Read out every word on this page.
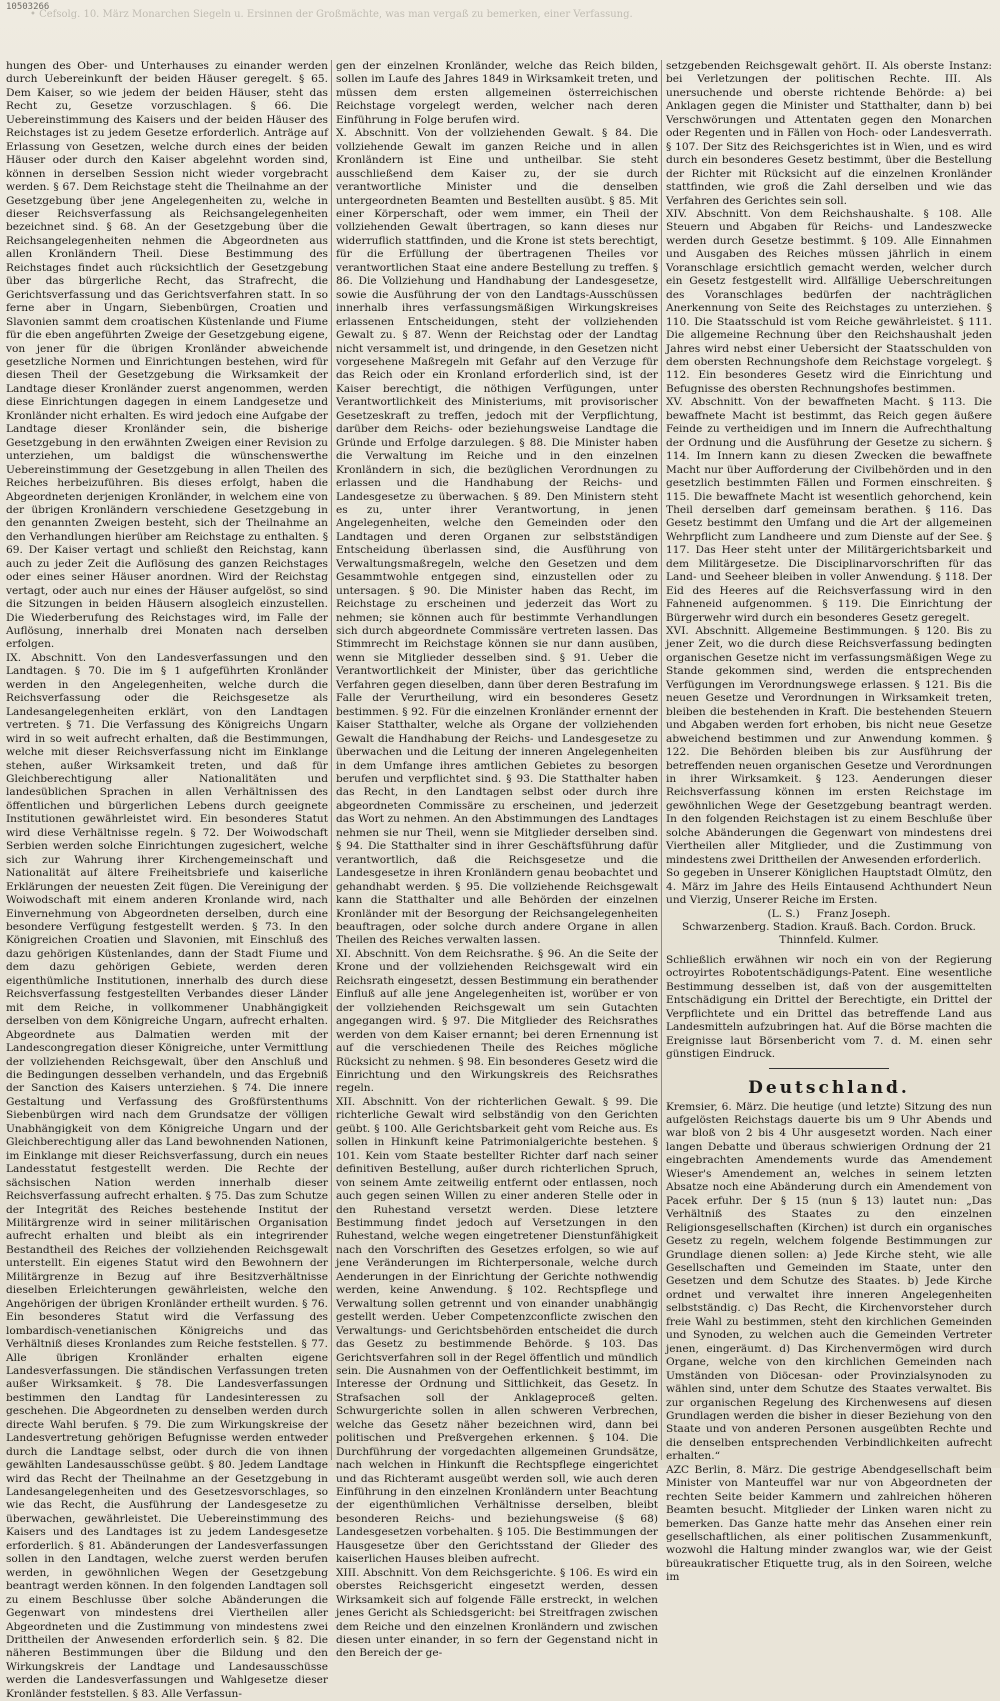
10503266
• Cefsolg. 10. März Monarchen Siegeln u. Ersinnen der Großmächte, was man vergaß zu bemerken, einer Verfassung.

hungen des Ober- und Unterhauses zu einander werden durch Uebereinkunft der beiden Häuser geregelt. § 65. Dem Kaiser, so wie jedem der beiden Häuser, steht das Recht zu, Gesetze vorzuschlagen. § 66. Die Uebereinstimmung des Kaisers und der beiden Häuser des Reichstages ist zu jedem Gesetze erforderlich. Anträge auf Erlassung von Gesetzen, welche durch eines der beiden Häuser oder durch den Kaiser abgelehnt worden sind, können in derselben Session nicht wieder vorgebracht werden. § 67. Dem Reichstage steht die Theilnahme an der Gesetzgebung über jene Angelegenheiten zu, welche in dieser Reichsverfassung als Reichsangelegenheiten bezeichnet sind. § 68. An der Gesetzgebung über die Reichsangelegenheiten nehmen die Abgeordneten aus allen Kronländern Theil. Diese Bestimmung des Reichstages findet auch rücksichtlich der Gesetzgebung über das bürgerliche Recht, das Strafrecht, die Gerichtsverfassung und das Gerichtsverfahren statt. In so ferne aber in Ungarn, Siebenbürgen, Croatien und Slavonien sammt dem croatischen Küstenlande und Fiume für die eben angeführten Zweige der Gesetzgebung eigene, von jener für die übrigen Kronländer abweichende gesetzliche Normen und Einrichtungen bestehen, wird für diesen Theil der Gesetzgebung die Wirksamkeit der Landtage dieser Kronländer zuerst angenommen, werden diese Einrichtungen dagegen in einem Landgesetze und Kronländer nicht erhalten. Es wird jedoch eine Aufgabe der Landtage dieser Kronländer sein, die bisherige Gesetzgebung in den erwähnten Zweigen einer Revision zu unterziehen, um baldigst die wünschenswerthe Uebereinstimmung der Gesetzgebung in allen Theilen des Reiches herbeizuführen. Bis dieses erfolgt, haben die Abgeordneten derjenigen Kronländer, in welchem eine von der übrigen Kronländern verschiedene Gesetzgebung in den genannten Zweigen besteht, sich der Theilnahme an den Verhandlungen hierüber am Reichstage zu enthalten. § 69. Der Kaiser vertagt und schließt den Reichstag, kann auch zu jeder Zeit die Auflösung des ganzen Reichstages oder eines seiner Häuser anordnen. Wird der Reichstag vertagt, oder auch nur eines der Häuser aufgelöst, so sind die Sitzungen in beiden Häusern alsogleich einzustellen. Die Wiederberufung des Reichstages wird, im Falle der Auflösung, innerhalb drei Monaten nach derselben erfolgen.

IX. Abschnitt. Von den Landesverfassungen und den Landtagen. § 70. Die im § 1 aufgeführten Kronländer werden in den Angelegenheiten, welche durch die Reichsverfassung oder die Reichsgesetze als Landesangelegenheiten erklärt, von den Landtagen vertreten. § 71. Die Verfassung des Königreichs Ungarn wird in so weit aufrecht erhalten, daß die Bestimmungen, welche mit dieser Reichsverfassung nicht im Einklange stehen, außer Wirksamkeit treten, und daß für Gleichberechtigung aller Nationalitäten und landesüblichen Sprachen in allen Verhältnissen des öffentlichen und bürgerlichen Lebens durch geeignete Institutionen gewährleistet wird. Ein besonderes Statut wird diese Verhältnisse regeln. § 72. Der Woiwodschaft Serbien werden solche Einrichtungen zugesichert, welche sich zur Wahrung ihrer Kirchengemeinschaft und Nationalität auf ältere Freiheitsbriefe und kaiserliche Erklärungen der neuesten Zeit fügen. Die Vereinigung der Woiwodschaft mit einem anderen Kronlande wird, nach Einvernehmung von Abgeordneten derselben, durch eine besondere Verfügung festgestellt werden. § 73. In den Königreichen Croatien und Slavonien, mit Einschluß des dazu gehörigen Küstenlandes, dann der Stadt Fiume und dem dazu gehörigen Gebiete, werden deren eigenthümliche Institutionen, innerhalb des durch diese Reichsverfassung festgestellten Verbandes dieser Länder mit dem Reiche, in vollkommener Unabhängigkeit derselben von dem Königreiche Ungarn, aufrecht erhalten. Abgeordnete aus Dalmatien werden mit der Landescongregation dieser Königreiche, unter Vermittlung der vollziehenden Reichsgewalt, über den Anschluß und die Bedingungen desselben verhandeln, und das Ergebniß der Sanction des Kaisers unterziehen. § 74. Die innere Gestaltung und Verfassung des Großfürstenthums Siebenbürgen wird nach dem Grundsatze der völligen Unabhängigkeit von dem Königreiche Ungarn und der Gleichberechtigung aller das Land bewohnenden Nationen, im Einklange mit dieser Reichsverfassung, durch ein neues Landesstatut festgestellt werden. Die Rechte der sächsischen Nation werden innerhalb dieser Reichsverfassung aufrecht erhalten. § 75. Das zum Schutze der Integrität des Reiches bestehende Institut der Militärgrenze wird in seiner militärischen Organisation aufrecht erhalten und bleibt als ein integrirender Bestandtheil des Reiches der vollziehenden Reichsgewalt unterstellt. Ein eigenes Statut wird den Bewohnern der Militärgrenze in Bezug auf ihre Besitzverhältnisse dieselben Erleichterungen gewährleisten, welche den Angehörigen der übrigen Kronländer ertheilt wurden. § 76. Ein besonderes Statut wird die Verfassung des lombardisch-venetianischen Königreichs und das Verhältniß dieses Kronlandes zum Reiche feststellen. § 77. Alle übrigen Kronländer erhalten eigene Landesverfassungen. Die ständischen Verfassungen treten außer Wirksamkeit. § 78. Die Landesverfassungen bestimmen den Landtag für Landesinteressen zu geschehen. Die Abgeordneten zu denselben werden durch directe Wahl berufen. § 79. Die zum Wirkungskreise der Landesvertretung gehörigen Befugnisse werden entweder durch die Landtage selbst, oder durch die von ihnen gewählten Landesausschüsse geübt. § 80. Jedem Landtage wird das Recht der Theilnahme an der Gesetzgebung in Landesangelegenheiten und des Gesetzesvorschlages, so wie das Recht, die Ausführung der Landesgesetze zu überwachen, gewährleistet. Die Uebereinstimmung des Kaisers und des Landtages ist zu jedem Landesgesetze erforderlich. § 81. Abänderungen der Landesverfassungen sollen in den Landtagen, welche zuerst werden berufen werden, in gewöhnlichen Wegen der Gesetzgebung beantragt werden können. In den folgenden Landtagen soll zu einem Beschlusse über solche Abänderungen die Gegenwart von mindestens drei Viertheilen aller Abgeordneten und die Zustimmung von mindestens zwei Drittheilen der Anwesenden erforderlich sein. § 82. Die näheren Bestimmungen über die Bildung und den Wirkungskreis der Landtage und Landesausschüsse werden die Landesverfassungen und Wahlgesetze dieser Kronländer feststellen. § 83. Alle Verfassun-

gen der einzelnen Kronländer, welche das Reich bilden, sollen im Laufe des Jahres 1849 in Wirksamkeit treten, und müssen dem ersten allgemeinen österreichischen Reichstage vorgelegt werden, welcher nach deren Einführung in Folge berufen wird.

X. Abschnitt. Von der vollziehenden Gewalt. § 84. Die vollziehende Gewalt im ganzen Reiche und in allen Kronländern ist Eine und untheilbar. Sie steht ausschließend dem Kaiser zu, der sie durch verantwortliche Minister und die denselben untergeordneten Beamten und Bestellten ausübt. § 85. Mit einer Körperschaft, oder wem immer, ein Theil der vollziehenden Gewalt übertragen, so kann dieses nur widerruflich stattfinden, und die Krone ist stets berechtigt, für die Erfüllung der übertragenen Theiles vor verantwortlichen Staat eine andere Bestellung zu treffen. § 86. Die Vollziehung und Handhabung der Landesgesetze, sowie die Ausführung der von den Landtags-Ausschüssen innerhalb ihres verfassungsmäßigen Wirkungskreises erlassenen Entscheidungen, steht der vollziehenden Gewalt zu. § 87. Wenn der Reichstag oder der Landtag nicht versammelt ist, und dringende, in den Gesetzen nicht vorgesehene Maßregeln mit Gefahr auf den Verzuge für das Reich oder ein Kronland erforderlich sind, ist der Kaiser berechtigt, die nöthigen Verfügungen, unter Verantwortlichkeit des Ministeriums, mit provisorischer Gesetzeskraft zu treffen, jedoch mit der Verpflichtung, darüber dem Reichs- oder beziehungsweise Landtage die Gründe und Erfolge darzulegen. § 88. Die Minister haben die Verwaltung im Reiche und in den einzelnen Kronländern in sich, die bezüglichen Verordnungen zu erlassen und die Handhabung der Reichs- und Landesgesetze zu überwachen. § 89. Den Ministern steht es zu, unter ihrer Verantwortung, in jenen Angelegenheiten, welche den Gemeinden oder den Landtagen und deren Organen zur selbstständigen Entscheidung überlassen sind, die Ausführung von Verwaltungsmaßregeln, welche den Gesetzen und dem Gesammtwohle entgegen sind, einzustellen oder zu untersagen. § 90. Die Minister haben das Recht, im Reichstage zu erscheinen und jederzeit das Wort zu nehmen; sie können auch für bestimmte Verhandlungen sich durch abgeordnete Commissäre vertreten lassen. Das Stimmrecht im Reichstage können sie nur dann ausüben, wenn sie Mitglieder desselben sind. § 91. Ueber die Verantwortlichkeit der Minister, über das gerichtliche Verfahren gegen dieselben, dann über deren Bestrafung im Falle der Verurtheilung, wird ein besonderes Gesetz bestimmen. § 92. Für die einzelnen Kronländer ernennt der Kaiser Statthalter, welche als Organe der vollziehenden Gewalt die Handhabung der Reichs- und Landesgesetze zu überwachen und die Leitung der inneren Angelegenheiten in dem Umfange ihres amtlichen Gebietes zu besorgen berufen und verpflichtet sind. § 93. Die Statthalter haben das Recht, in den Landtagen selbst oder durch ihre abgeordneten Commissäre zu erscheinen, und jederzeit das Wort zu nehmen. An den Abstimmungen des Landtages nehmen sie nur Theil, wenn sie Mitglieder derselben sind. § 94. Die Statthalter sind in ihrer Geschäftsführung dafür verantwortlich, daß die Reichsgesetze und die Landesgesetze in ihren Kronländern genau beobachtet und gehandhabt werden. § 95. Die vollziehende Reichsgewalt kann die Statthalter und alle Behörden der einzelnen Kronländer mit der Besorgung der Reichsangelegenheiten beauftragen, oder solche durch andere Organe in allen Theilen des Reiches verwalten lassen.

XI. Abschnitt. Von dem Reichsrathe. § 96. An die Seite der Krone und der vollziehenden Reichsgewalt wird ein Reichsrath eingesetzt, dessen Bestimmung ein berathender Einfluß auf alle jene Angelegenheiten ist, worüber er von der vollziehenden Reichsgewalt um sein Gutachten angegangen wird. § 97. Die Mitglieder des Reichsrathes werden von dem Kaiser ernannt; bei deren Ernennung ist auf die verschiedenen Theile des Reiches mögliche Rücksicht zu nehmen. § 98. Ein besonderes Gesetz wird die Einrichtung und den Wirkungskreis des Reichsrathes regeln.

XII. Abschnitt. Von der richterlichen Gewalt. § 99. Die richterliche Gewalt wird selbständig von den Gerichten geübt. § 100. Alle Gerichtsbarkeit geht vom Reiche aus. Es sollen in Hinkunft keine Patrimonialgerichte bestehen. § 101. Kein vom Staate bestellter Richter darf nach seiner definitiven Bestellung, außer durch richterlichen Spruch, von seinem Amte zeitweilig entfernt oder entlassen, noch auch gegen seinen Willen zu einer anderen Stelle oder in den Ruhestand versetzt werden. Diese letztere Bestimmung findet jedoch auf Versetzungen in den Ruhestand, welche wegen eingetretener Dienstunfähigkeit nach den Vorschriften des Gesetzes erfolgen, so wie auf jene Veränderungen im Richterpersonale, welche durch Aenderungen in der Einrichtung der Gerichte nothwendig werden, keine Anwendung. § 102. Rechtspflege und Verwaltung sollen getrennt und von einander unabhängig gestellt werden. Ueber Competenzconflicte zwischen den Verwaltungs- und Gerichtsbehörden entscheidet die durch das Gesetz zu bestimmende Behörde. § 103. Das Gerichtsverfahren soll in der Regel öffentlich und mündlich sein. Die Ausnahmen von der Oeffentlichkeit bestimmt, im Interesse der Ordnung und Sittlichkeit, das Gesetz. In Strafsachen soll der Anklageproceß gelten. Schwurgerichte sollen in allen schweren Verbrechen, welche das Gesetz näher bezeichnen wird, dann bei politischen und Preßvergehen erkennen. § 104. Die Durchführung der vorgedachten allgemeinen Grundsätze, nach welchen in Hinkunft die Rechtspflege eingerichtet und das Richteramt ausgeübt werden soll, wie auch deren Einführung in den einzelnen Kronländern unter Beachtung der eigenthümlichen Verhältnisse derselben, bleibt besonderen Reichs- und beziehungsweise (§ 68) Landesgesetzen vorbehalten. § 105. Die Bestimmungen der Hausgesetze über den Gerichtsstand der Glieder des kaiserlichen Hauses bleiben aufrecht.

XIII. Abschnitt. Von dem Reichsgerichte. § 106. Es wird ein oberstes Reichsgericht eingesetzt werden, dessen Wirksamkeit sich auf folgende Fälle erstreckt, in welchen jenes Gericht als Schiedsgericht: bei Streitfragen zwischen dem Reiche und den einzelnen Kronländern und zwischen diesen unter einander, in so fern der Gegenstand nicht in den Bereich der ge-

setzgebenden Reichsgewalt gehört. II. Als oberste Instanz: bei Verletzungen der politischen Rechte. III. Als unersuchende und oberste richtende Behörde: a) bei Anklagen gegen die Minister und Statthalter, dann b) bei Verschwörungen und Attentaten gegen den Monarchen oder Regenten und in Fällen von Hoch- oder Landesverrath. § 107. Der Sitz des Reichsgerichtes ist in Wien, und es wird durch ein besonderes Gesetz bestimmt, über die Bestellung der Richter mit Rücksicht auf die einzelnen Kronländer stattfinden, wie groß die Zahl derselben und wie das Verfahren des Gerichtes sein soll.

XIV. Abschnitt. Von dem Reichshaushalte. § 108. Alle Steuern und Abgaben für Reichs- und Landeszwecke werden durch Gesetze bestimmt. § 109. Alle Einnahmen und Ausgaben des Reiches müssen jährlich in einem Voranschlage ersichtlich gemacht werden, welcher durch ein Gesetz festgestellt wird. Allfällige Ueberschreitungen des Voranschlages bedürfen der nachträglichen Anerkennung von Seite des Reichstages zu unterziehen. § 110. Die Staatsschuld ist vom Reiche gewährleistet. § 111. Die allgemeine Rechnung über den Reichshaushalt jeden Jahres wird nebst einer Uebersicht der Staatsschulden von dem obersten Rechnungshofe dem Reichstage vorgelegt. § 112. Ein besonderes Gesetz wird die Einrichtung und Befugnisse des obersten Rechnungshofes bestimmen.

XV. Abschnitt. Von der bewaffneten Macht. § 113. Die bewaffnete Macht ist bestimmt, das Reich gegen äußere Feinde zu vertheidigen und im Innern die Aufrechthaltung der Ordnung und die Ausführung der Gesetze zu sichern. § 114. Im Innern kann zu diesen Zwecken die bewaffnete Macht nur über Aufforderung der Civilbehörden und in den gesetzlich bestimmten Fällen und Formen einschreiten. § 115. Die bewaffnete Macht ist wesentlich gehorchend, kein Theil derselben darf gemeinsam berathen. § 116. Das Gesetz bestimmt den Umfang und die Art der allgemeinen Wehrpflicht zum Landheere und zum Dienste auf der See. § 117. Das Heer steht unter der Militärgerichtsbarkeit und dem Militärgesetze. Die Disciplinarvorschriften für das Land- und Seeheer bleiben in voller Anwendung. § 118. Der Eid des Heeres auf die Reichsverfassung wird in den Fahneneid aufgenommen. § 119. Die Einrichtung der Bürgerwehr wird durch ein besonderes Gesetz geregelt.

XVI. Abschnitt. Allgemeine Bestimmungen. § 120. Bis zu jener Zeit, wo die durch diese Reichsverfassung bedingten organischen Gesetze nicht im verfassungsmäßigen Wege zu Stande gekommen sind, werden die entsprechenden Verfügungen im Verordnungswege erlassen. § 121. Bis die neuen Gesetze und Verordnungen in Wirksamkeit treten, bleiben die bestehenden in Kraft. Die bestehenden Steuern und Abgaben werden fort erhoben, bis nicht neue Gesetze abweichend bestimmen und zur Anwendung kommen. § 122. Die Behörden bleiben bis zur Ausführung der betreffenden neuen organischen Gesetze und Verordnungen in ihrer Wirksamkeit. § 123. Aenderungen dieser Reichsverfassung können im ersten Reichstage im gewöhnlichen Wege der Gesetzgebung beantragt werden. In den folgenden Reichstagen ist zu einem Beschluße über solche Abänderungen die Gegenwart von mindestens drei Viertheilen aller Mitglieder, und die Zustimmung von mindestens zwei Drittheilen der Anwesenden erforderlich.

So gegeben in Unserer Königlichen Hauptstadt Olmütz, den 4. März im Jahre des Heils Eintausend Achthundert Neun und Vierzig, Unserer Reiche im Ersten.

(L. S.) Franz Joseph.

Schwarzenberg. Stadion. Krauß. Bach. Cordon. Bruck.

Thinnfeld. Kulmer.

Schließlich erwähnen wir noch ein von der Regierung octroyirtes Robotentschädigungs-Patent. Eine wesentliche Bestimmung desselben ist, daß von der ausgemittelten Entschädigung ein Drittel der Berechtigte, ein Drittel der Verpflichtete und ein Drittel das betreffende Land aus Landesmitteln aufzubringen hat. Auf die Börse machten die Ereignisse laut Börsenbericht vom 7. d. M. einen sehr günstigen Eindruck.

Deutschland.

Kremsier, 6. März. Die heutige (und letzte) Sitzung des nun aufgelösten Reichstags dauerte bis um 9 Uhr Abends und war bloß von 2 bis 4 Uhr ausgesetzt worden. Nach einer langen Debatte und überaus schwierigen Ordnung der 21 eingebrachten Amendements wurde das Amendement Wieser's Amendement an, welches in seinem letzten Absatze noch eine Abänderung durch ein Amendement von Pacek erfuhr. Der § 15 (nun § 13) lautet nun: „Das Verhältniß des Staates zu den einzelnen Religionsgesellschaften (Kirchen) ist durch ein organisches Gesetz zu regeln, welchem folgende Bestimmungen zur Grundlage dienen sollen: a) Jede Kirche steht, wie alle Gesellschaften und Gemeinden im Staate, unter den Gesetzen und dem Schutze des Staates. b) Jede Kirche ordnet und verwaltet ihre inneren Angelegenheiten selbstständig. c) Das Recht, die Kirchenvorsteher durch freie Wahl zu bestimmen, steht den kirchlichen Gemeinden und Synoden, zu welchen auch die Gemeinden Vertreter jenen, eingeräumt. d) Das Kirchenvermögen wird durch Organe, welche von den kirchlichen Gemeinden nach Umständen von Diöcesan- oder Provinzialsynoden zu wählen sind, unter dem Schutze des Staates verwaltet. Bis zur organischen Regelung des Kirchenwesens auf diesen Grundlagen werden die bisher in dieser Beziehung von den Staate und von anderen Personen ausgeübten Rechte und die denselben entsprechenden Verbindlichkeiten aufrecht erhalten.“

AZC Berlin, 8. März. Die gestrige Abendgesellschaft beim Minister von Manteuffel war nur von Abgeordneten der rechten Seite beider Kammern und zahlreichen höheren Beamten besucht. Mitglieder der Linken waren nicht zu bemerken. Das Ganze hatte mehr das Ansehen einer rein gesellschaftlichen, als einer politischen Zusammenkunft, wozwohl die Haltung minder zwanglos war, wie der Geist büreaukratischer Etiquette trug, als in den Soireen, welche im
